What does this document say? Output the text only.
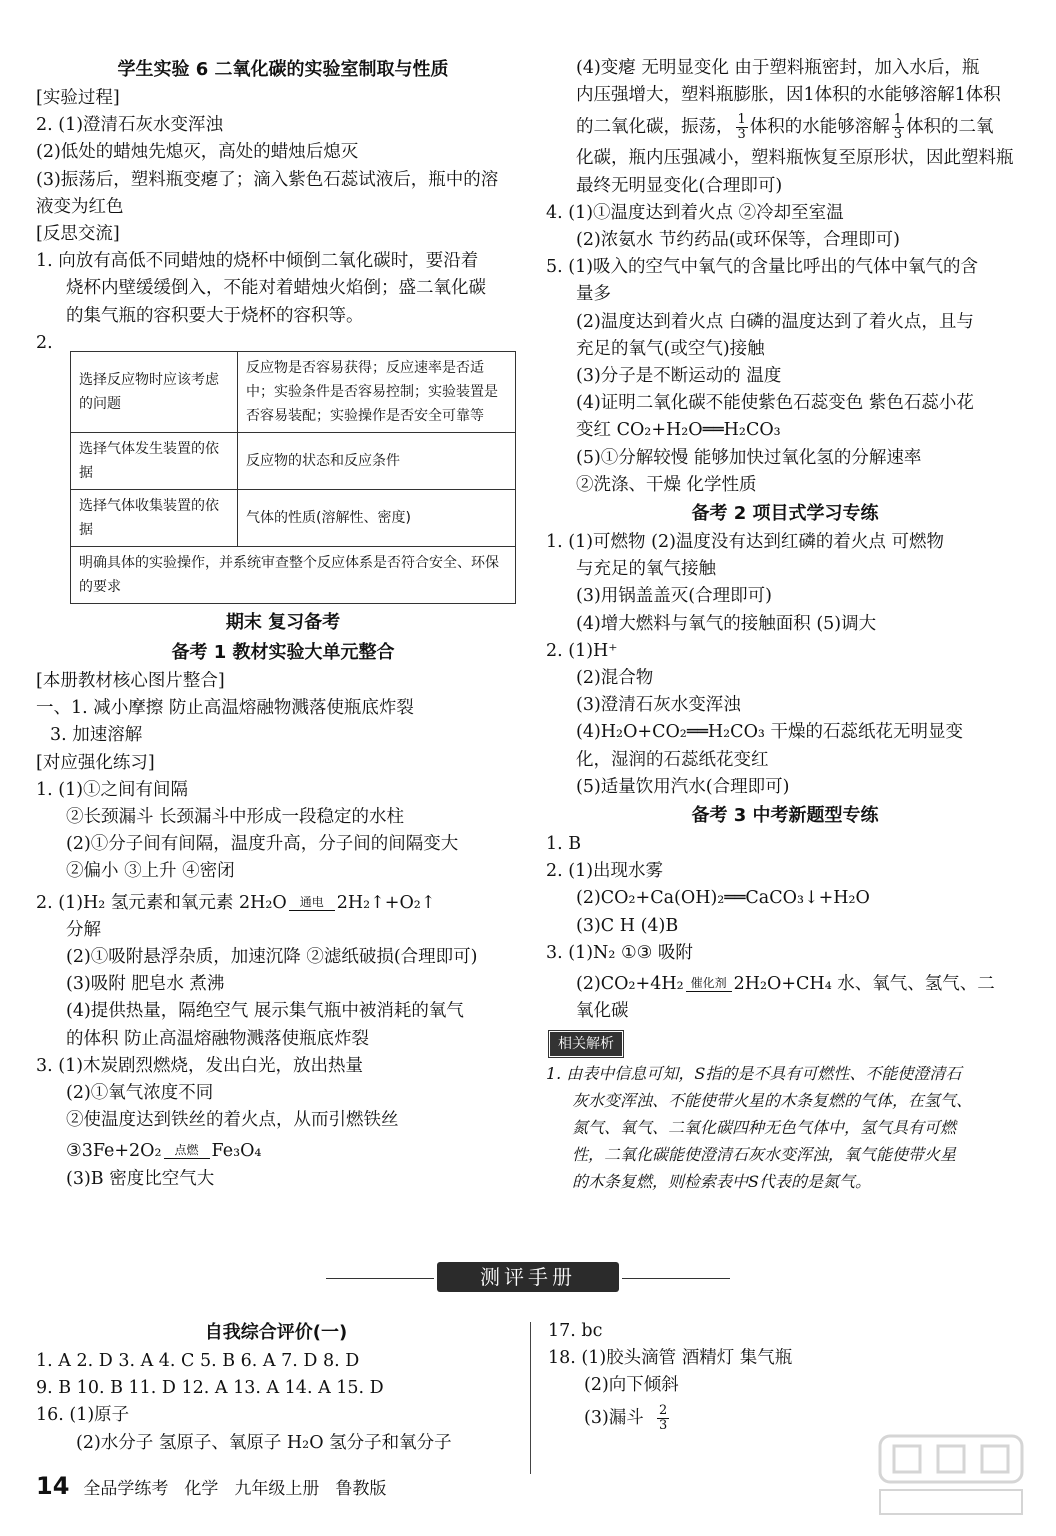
学生实验 6 二氧化碳的实验室制取与性质
[实验过程]
2. (1)澄清石灰水变浑浊
(2)低处的蜡烛先熄灭，高处的蜡烛后熄灭
(3)振荡后，塑料瓶变瘪了；滴入紫色石蕊试液后，瓶中的溶
液变为红色
[反思交流]
1. 向放有高低不同蜡烛的烧杯中倾倒二氧化碳时，要沿着
烧杯内壁缓缓倒入，不能对着蜡烛火焰倒；盛二氧化碳
的集气瓶的容积要大于烧杯的容积等。
2.
选择反应物时应该考虑的问题	反应物是否容易获得；反应速率是否适中；实验条件是否容易控制；实验装置是否容易装配；实验操作是否安全可靠等
选择气体发生装置的依据	反应物的状态和反应条件
选择气体收集装置的依据	气体的性质(溶解性、密度)
明确具体的实验操作，并系统审查整个反应体系是否符合安全、环保的要求	
期末 复习备考
备考 1 教材实验大单元整合
[本册教材核心图片整合]
一、1. 减小摩擦 防止高温熔融物溅落使瓶底炸裂
3. 加速溶解
[对应强化练习]
1. (1)①之间有间隔
②长颈漏斗 长颈漏斗中形成一段稳定的水柱
(2)①分子间有间隔，温度升高，分子间的间隔变大
②偏小 ③上升 ④密闭
2. (1)H₂ 氢元素和氧元素 2H₂O	通电 2H₂↑+O₂↑
分解
(2)①吸附悬浮杂质，加速沉降 ②滤纸破损(合理即可)
(3)吸附 肥皂水 煮沸
(4)提供热量，隔绝空气 展示集气瓶中被消耗的氧气
的体积 防止高温熔融物溅落使瓶底炸裂
3. (1)木炭剧烈燃烧，发出白光，放出热量
(2)①氧气浓度不同
②使温度达到铁丝的着火点，从而引燃铁丝
③3Fe+2O₂	点燃 Fe₃O₄
(3)B 密度比空气大
(4)变瘪 无明显变化 由于塑料瓶密封，加入水后，瓶
内压强增大，塑料瓶膨胀，因1体积的水能够溶解1体积
的二氧化碳，振荡， $\frac{1}{3}$ 体积的水能够溶解 $\frac{1}{3}$ 体积的二氧
化碳，瓶内压强减小，塑料瓶恢复至原形状，因此塑料瓶
最终无明显变化(合理即可)
4. (1)①温度达到着火点 ②冷却至室温
(2)浓氨水 节约药品(或环保等，合理即可)
5. (1)吸入的空气中氧气的含量比呼出的气体中氧气的含
量多
(2)温度达到着火点 白磷的温度达到了着火点，且与
充足的氧气(或空气)接触
(3)分子是不断运动的 温度
(4)证明二氧化碳不能使紫色石蕊变色 紫色石蕊小花
变红 CO₂+H₂O══H₂CO₃
(5)①分解较慢 能够加快过氧化氢的分解速率
②洗涤、干燥 化学性质
备考 2 项目式学习专练
1. (1)可燃物 (2)温度没有达到红磷的着火点 可燃物
与充足的氧气接触
(3)用锅盖盖灭(合理即可)
(4)增大燃料与氧气的接触面积 (5)调大
2. (1)H⁺
(2)混合物
(3)澄清石灰水变浑浊
(4)H₂O+CO₂══H₂CO₃ 干燥的石蕊纸花无明显变
化，湿润的石蕊纸花变红
(5)适量饮用汽水(合理即可)
备考 3 中考新题型专练
1. B
2. (1)出现水雾
(2)CO₂+Ca(OH)₂══CaCO₃↓+H₂O
(3)C H (4)B
3. (1)N₂ ①③ 吸附
(2)CO₂+4H₂ 催化剂 2H₂O+CH₄ 水、氧气、氢气、二
氧化碳
相关解析
1. 由表中信息可知，S指的是不具有可燃性、不能使澄清石
灰水变浑浊、不能使带火星的木条复燃的气体，在氢气、
氮气、氧气、二氧化碳四种无色气体中，氢气具有可燃
性，二氧化碳能使澄清石灰水变浑浊，氧气能使带火星
的木条复燃，则检索表中S代表的是氮气。
测评手册
自我综合评价(一)
1. A 2. D 3. A 4. C 5. B 6. A 7. D 8. D
9. B 10. B 11. D 12. A 13. A 14. A 15. D
16. (1)原子
(2)水分子 氢原子、氧原子 H₂O 氢分子和氧分子
17. bc
18. (1)胶头滴管 酒精灯 集气瓶
(2)向下倾斜
(3)漏斗 $\frac{2}{3}$
14 全品学练考 化学 九年级上册 鲁教版
